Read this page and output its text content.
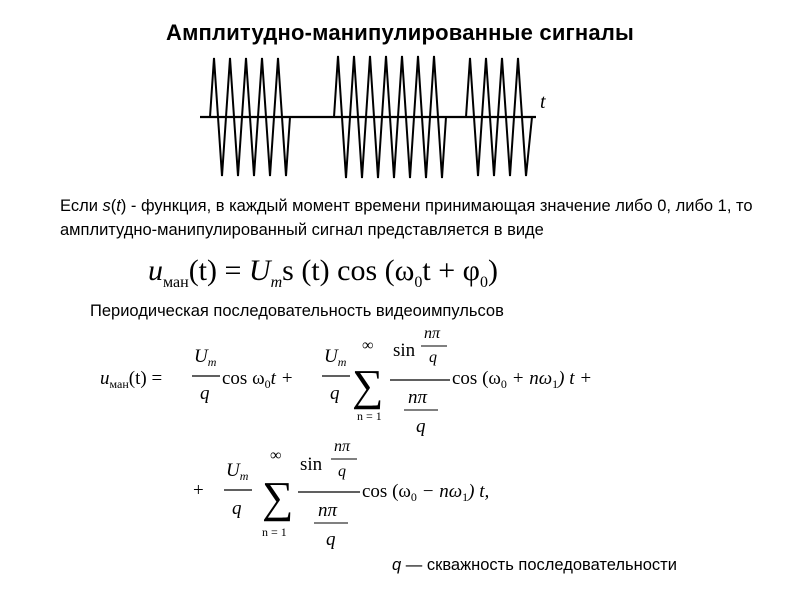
Амплитудно-манипулированные сигналы
t
Если s(t) - функция, в каждый момент времени принимающая значение либо 0, либо 1, то амплитудно-манипулированный сигнал представляется в виде
$u_{ман}(t) = U_ms$ (t) $\cos (\omega_0t + \varphi_0)$
Периодическая последовательность видеоимпульсов
$u_{ман}(t)$ =
$U_m$
q
$\cos \omega_0t$ +
$U_m$
q
∞
∑
n = 1
sin
nπ
q
nπ
q
$\cos (\omega_0 + n\omega_1) t$ +
+
$U_m$
q
∞
∑
n = 1
sin
nπ
q
nπ
q
$\cos (\omega_0 - n\omega_1)$ t,
q — скважность последовательности
